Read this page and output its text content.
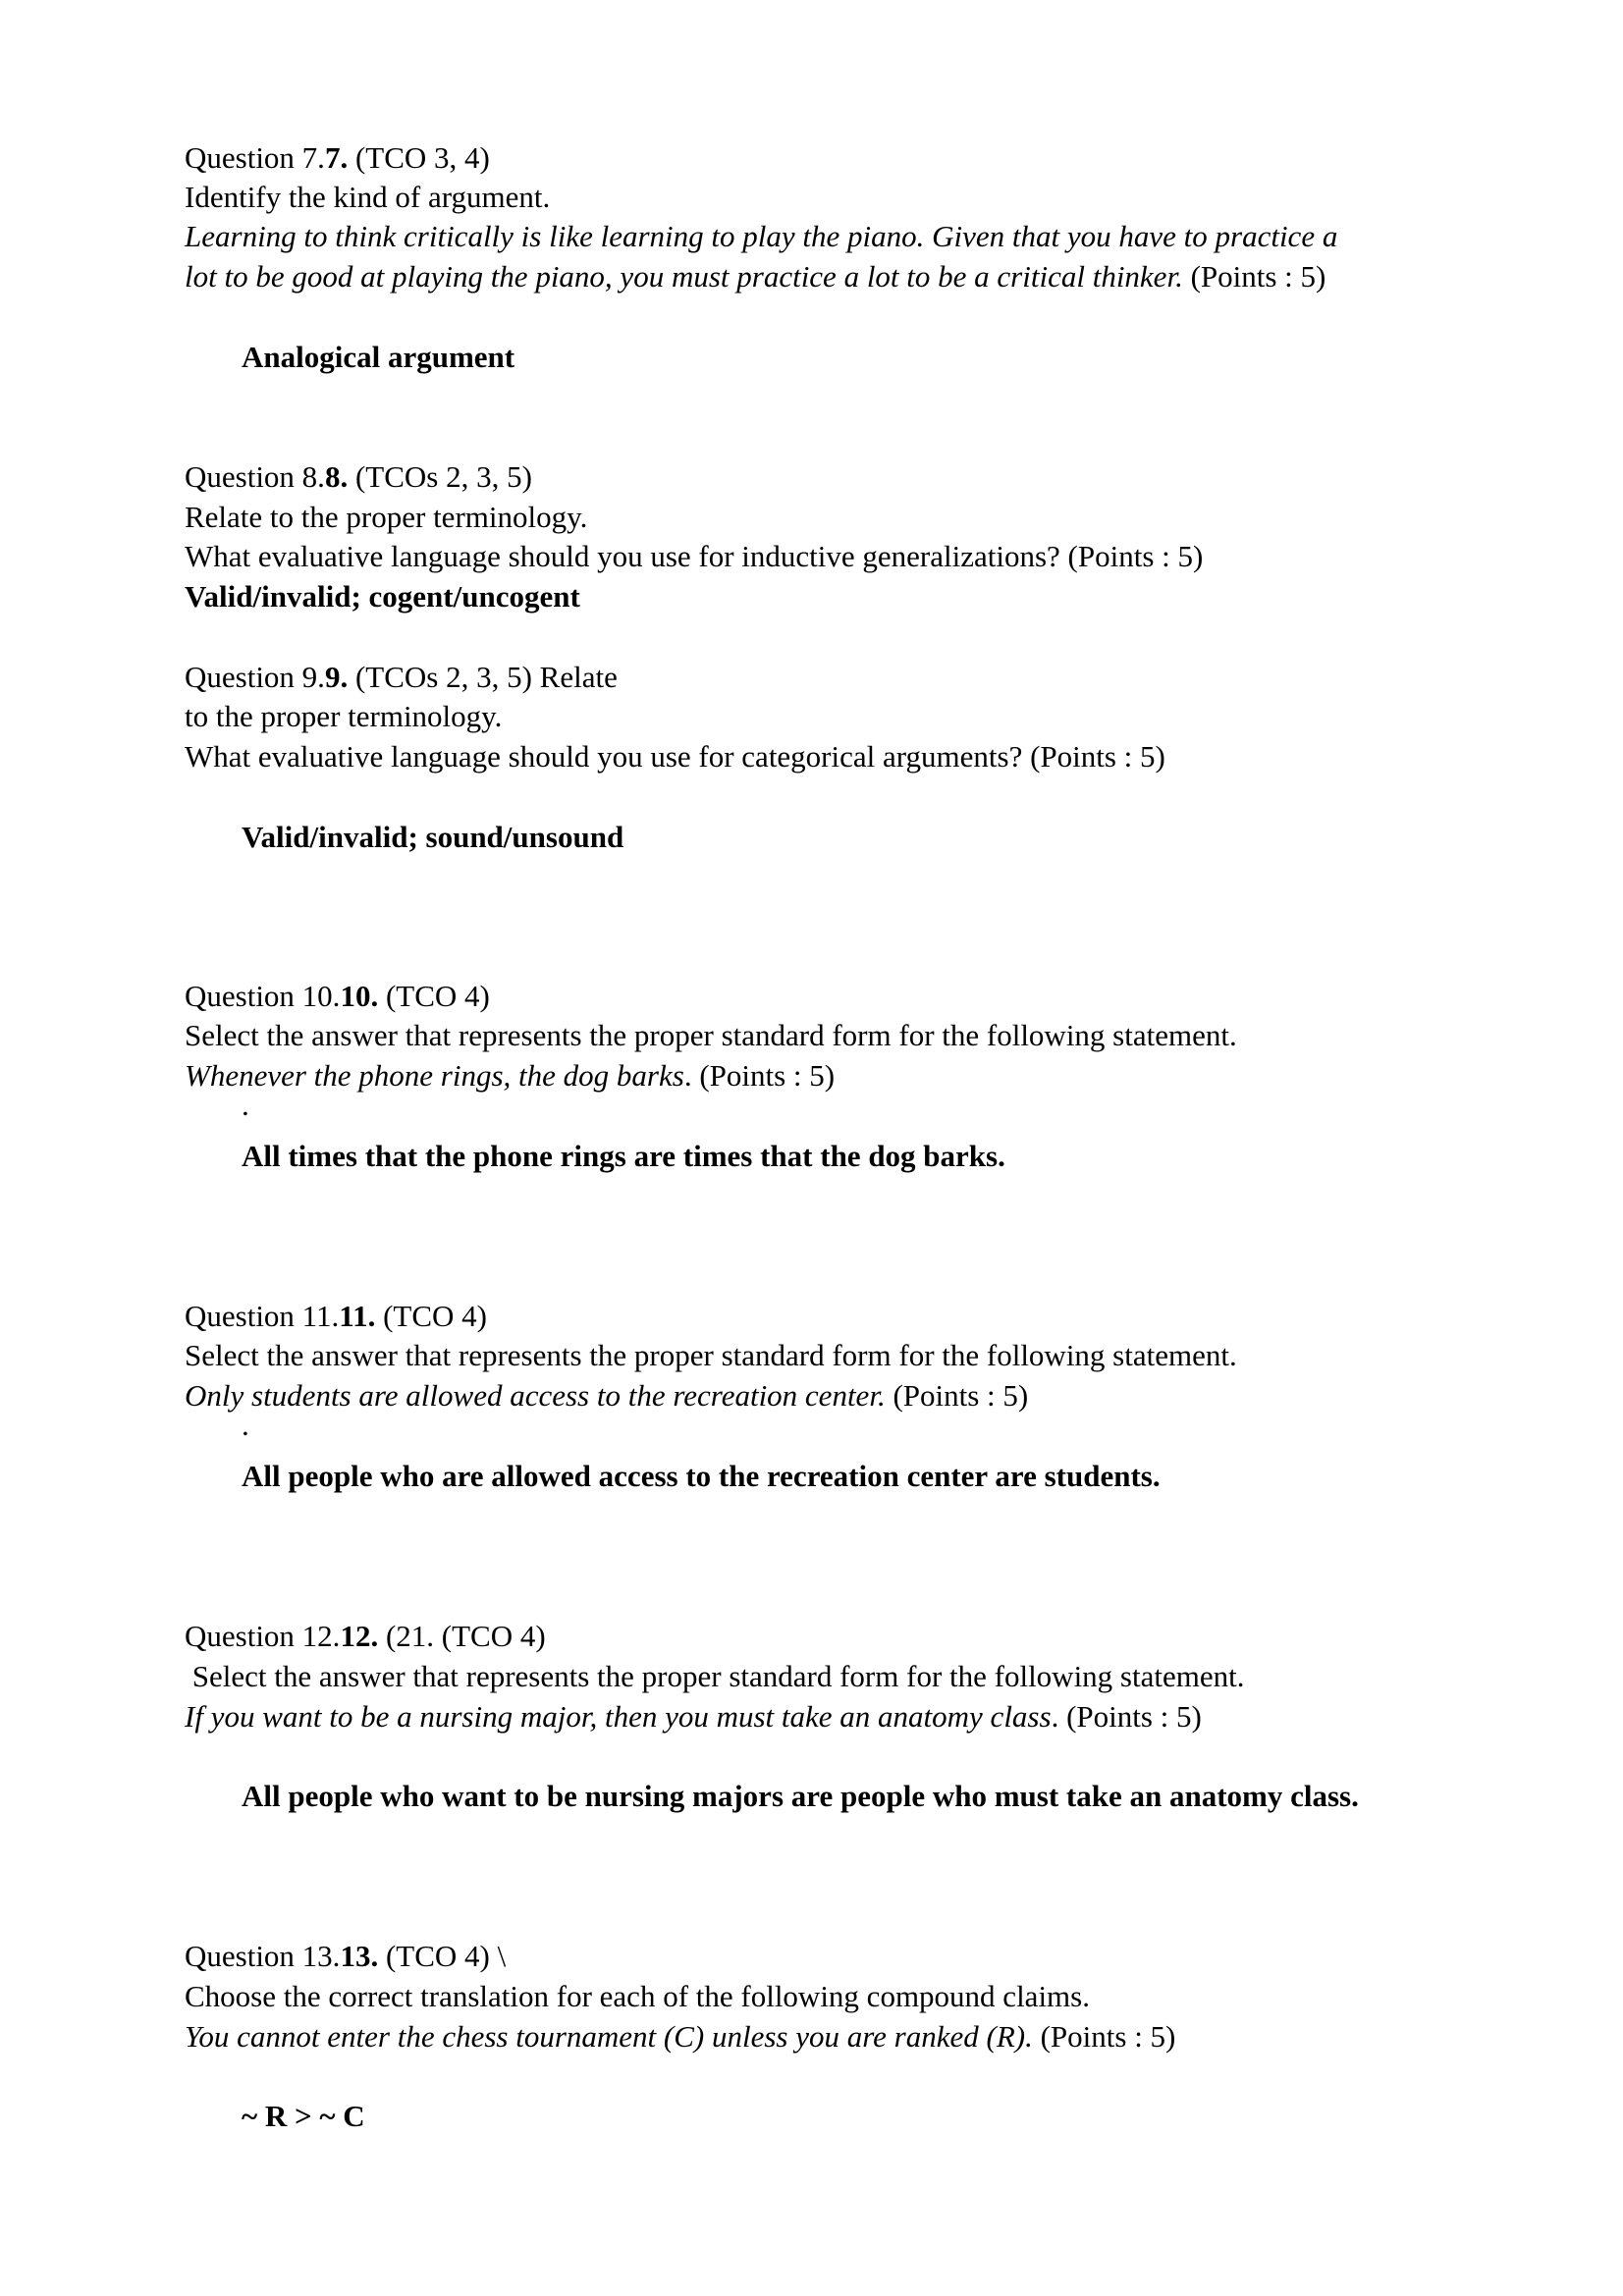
Question 7.7. (TCO 3, 4)
Identify the kind of argument.
Learning to think critically is like learning to play the piano. Given that you have to practice a
lot to be good at playing the piano, you must practice a lot to be a critical thinker. (Points : 5)
Analogical argument
Question 8.8. (TCOs 2, 3, 5)
Relate to the proper terminology.
What evaluative language should you use for inductive generalizations? (Points : 5)
Valid/invalid; cogent/uncogent
Question 9.9. (TCOs 2, 3, 5) Relate
to the proper terminology.
What evaluative language should you use for categorical arguments? (Points : 5)
Valid/invalid; sound/unsound
Question 10.10. (TCO 4)
Select the answer that represents the proper standard form for the following statement.
Whenever the phone rings, the dog barks. (Points : 5)
.
All times that the phone rings are times that the dog barks.
Question 11.11. (TCO 4)
Select the answer that represents the proper standard form for the following statement.
Only students are allowed access to the recreation center. (Points : 5)
.
All people who are allowed access to the recreation center are students.
Question 12.12. (21. (TCO 4)
Select the answer that represents the proper standard form for the following statement.
If you want to be a nursing major, then you must take an anatomy class. (Points : 5)
All people who want to be nursing majors are people who must take an anatomy class.
Question 13.13. (TCO 4) \
Choose the correct translation for each of the following compound claims.
You cannot enter the chess tournament (C) unless you are ranked (R). (Points : 5)
~ R > ~ C
